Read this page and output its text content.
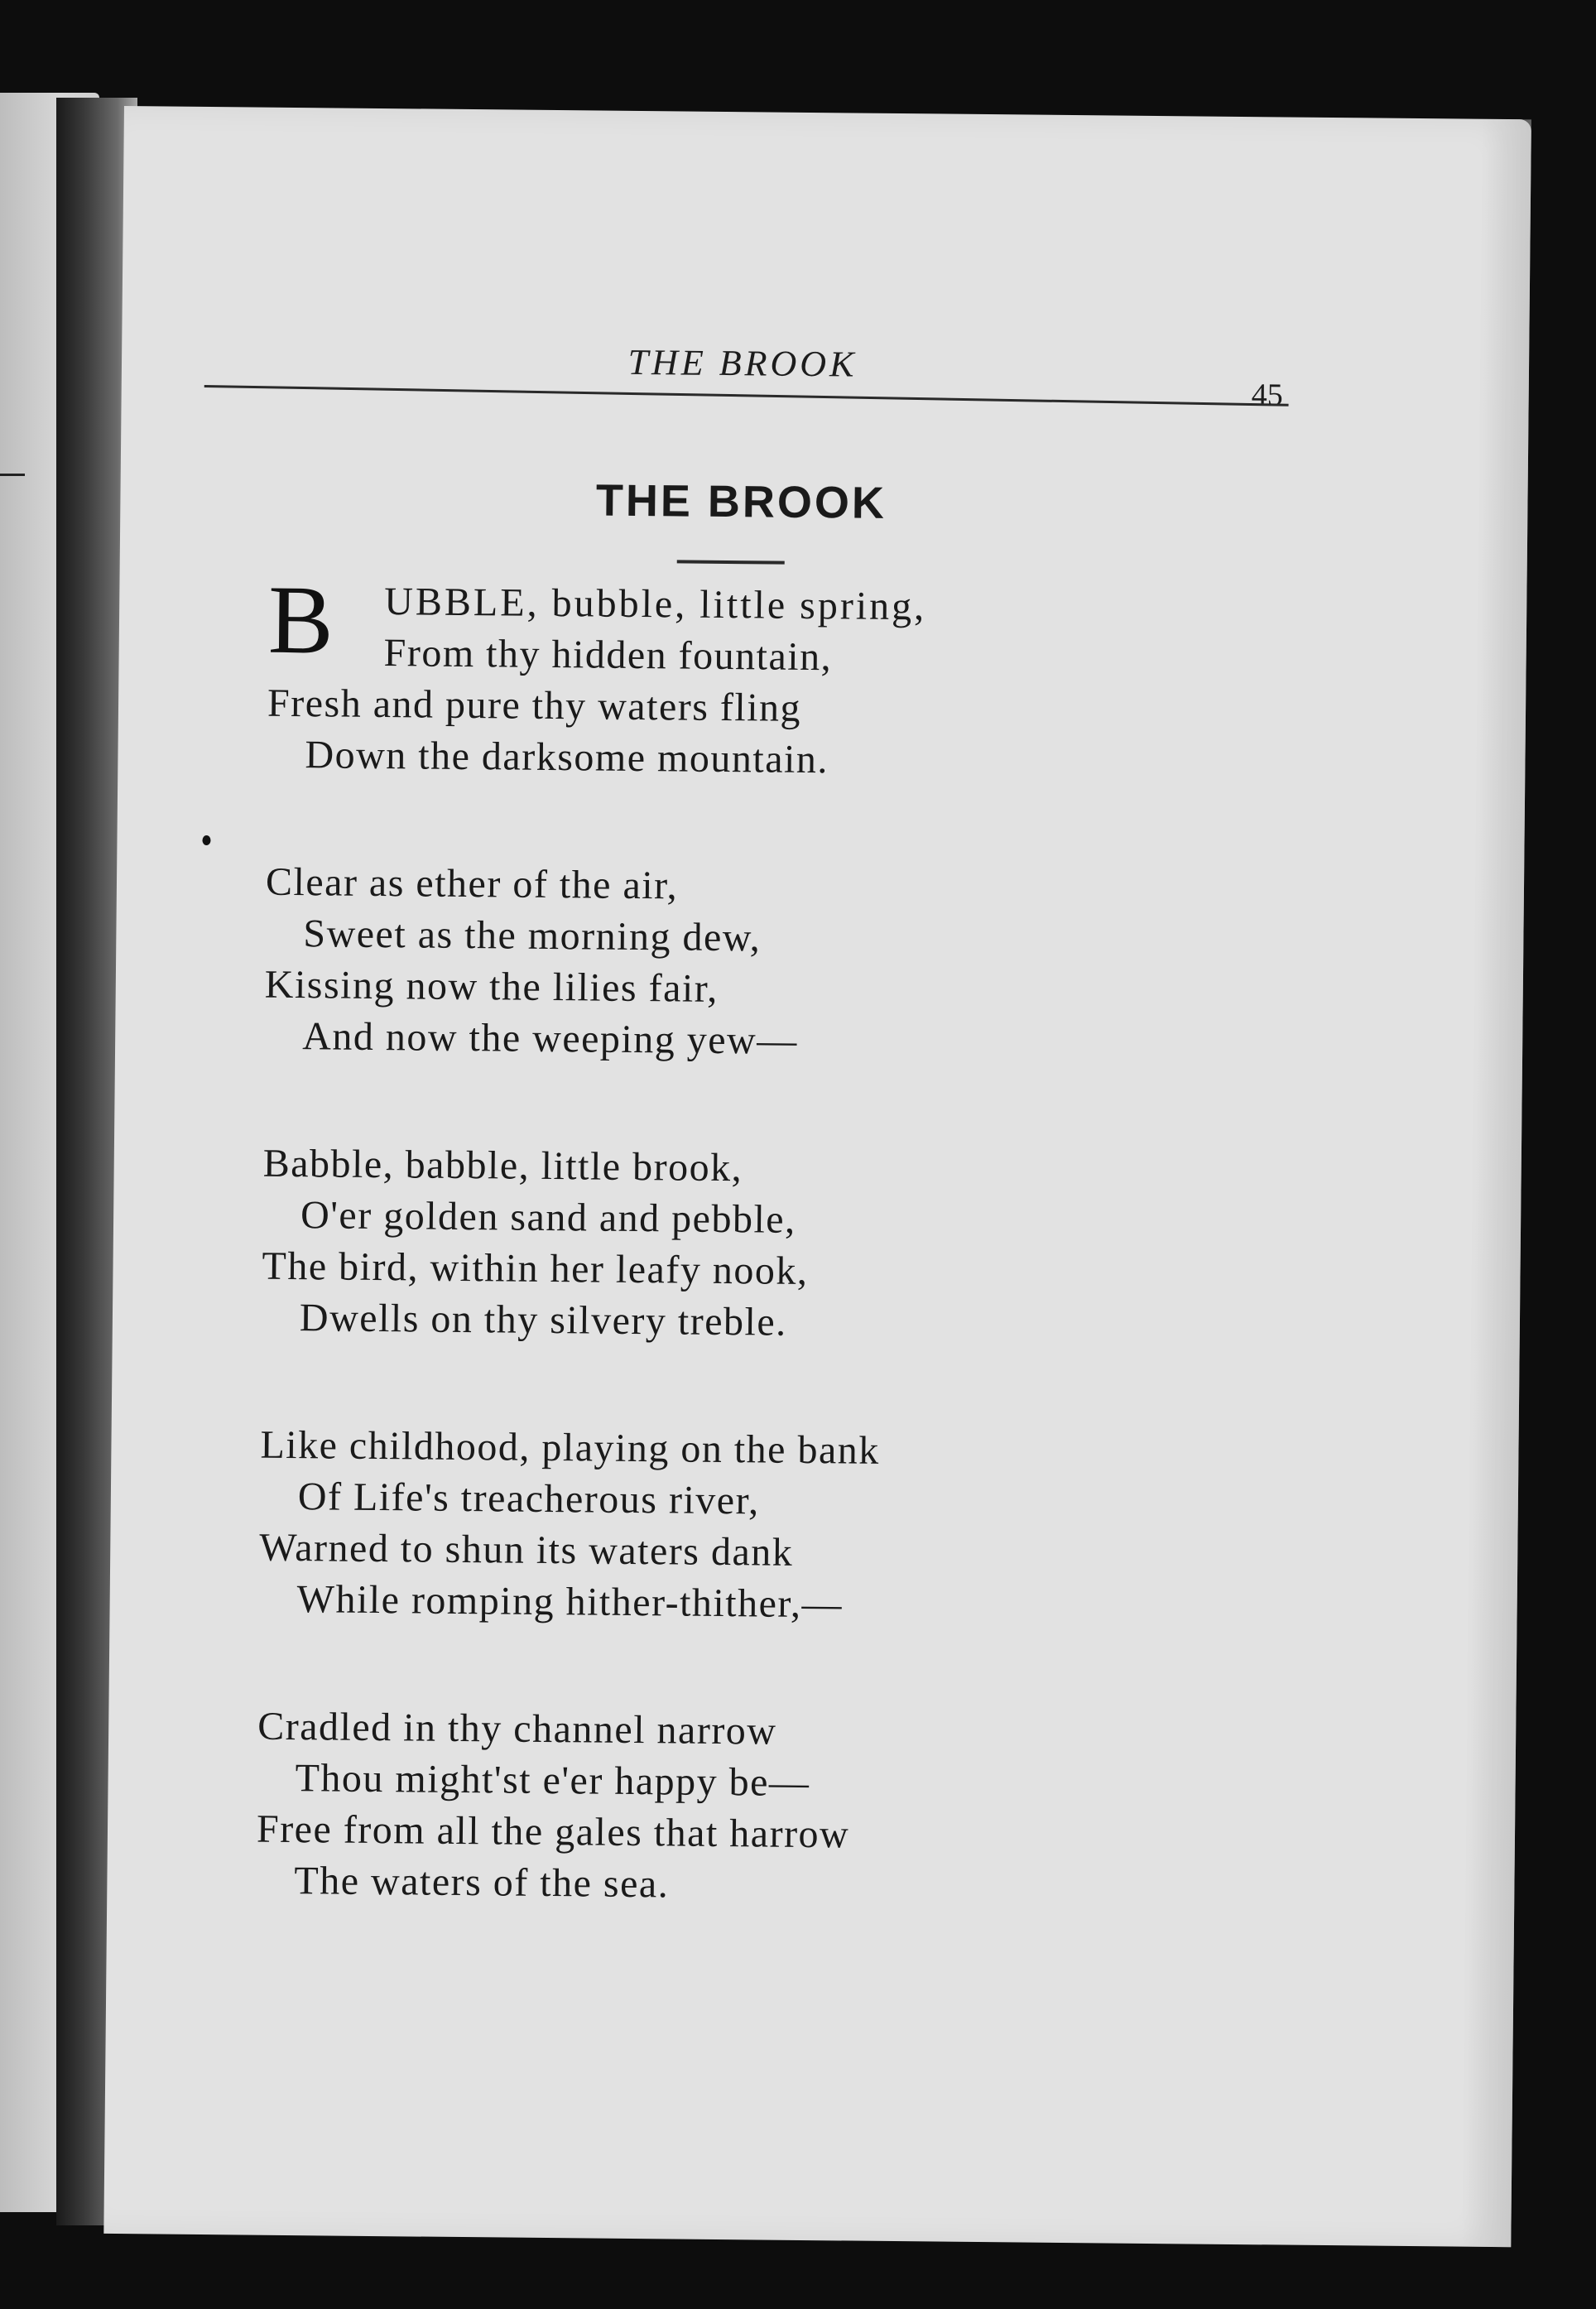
THE BROOK
45
THE BROOK
B	UBBLE, bubble, little spring,
From thy hidden fountain,
Fresh and pure thy waters fling
Down the darksome mountain.
Clear as ether of the air,
Sweet as the morning dew,
Kissing now the lilies fair,
And now the weeping yew—
Babble, babble, little brook,
O'er golden sand and pebble,
The bird, within her leafy nook,
Dwells on thy silvery treble.
Like childhood, playing on the bank
Of Life's treacherous river,
Warned to shun its waters dank
While romping hither-thither,—
Cradled in thy channel narrow
Thou might'st e'er happy be—
Free from all the gales that harrow
The waters of the sea.
